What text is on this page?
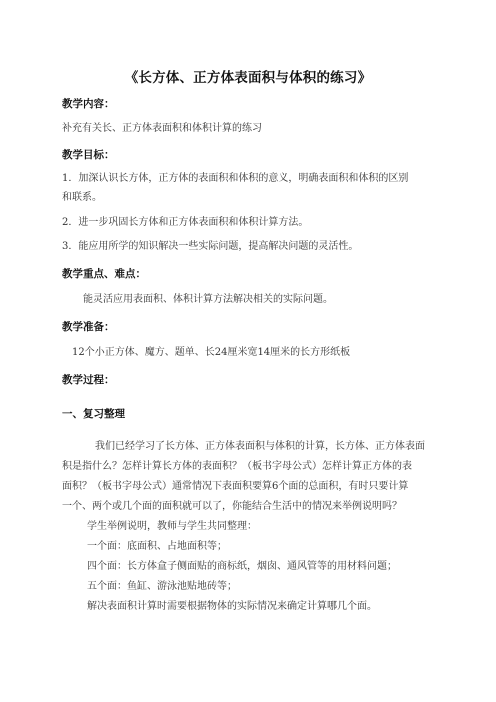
《长方体、正方体表面积与体积的练习》
教学内容：
补充有关长、正方体表面积和体积计算的练习
教学目标：
1．加深认识长方体，正方体的表面积和体积的意义，明确表面积和体积的区别
和联系。
2．进一步巩固长方体和正方体表面积和体积计算方法。
3．能应用所学的知识解决一些实际问题，提高解决问题的灵活性。
教学重点、难点：
能灵活应用表面积、体积计算方法解决相关的实际问题。
教学准备：
12个小正方体、魔方、题单、长24厘米宽14厘米的长方形纸板
教学过程：
一、复习整理
我们已经学习了长方体、正方体表面积与体积的计算，长方体、正方体表面
积是指什么？怎样计算长方体的表面积？（板书字母公式）怎样计算正方体的表
面积？（板书字母公式）通常情况下表面积要算6个面的总面积，有时只要计算
一个、两个或几个面的面积就可以了，你能结合生活中的情况来举例说明吗？
学生举例说明，教师与学生共同整理：
一个面：底面积、占地面积等；
四个面：长方体盒子侧面贴的商标纸，烟囱、通风管等的用材料问题；
五个面：鱼缸、游泳池贴地砖等；
解决表面积计算时需要根据物体的实际情况来确定计算哪几个面。
